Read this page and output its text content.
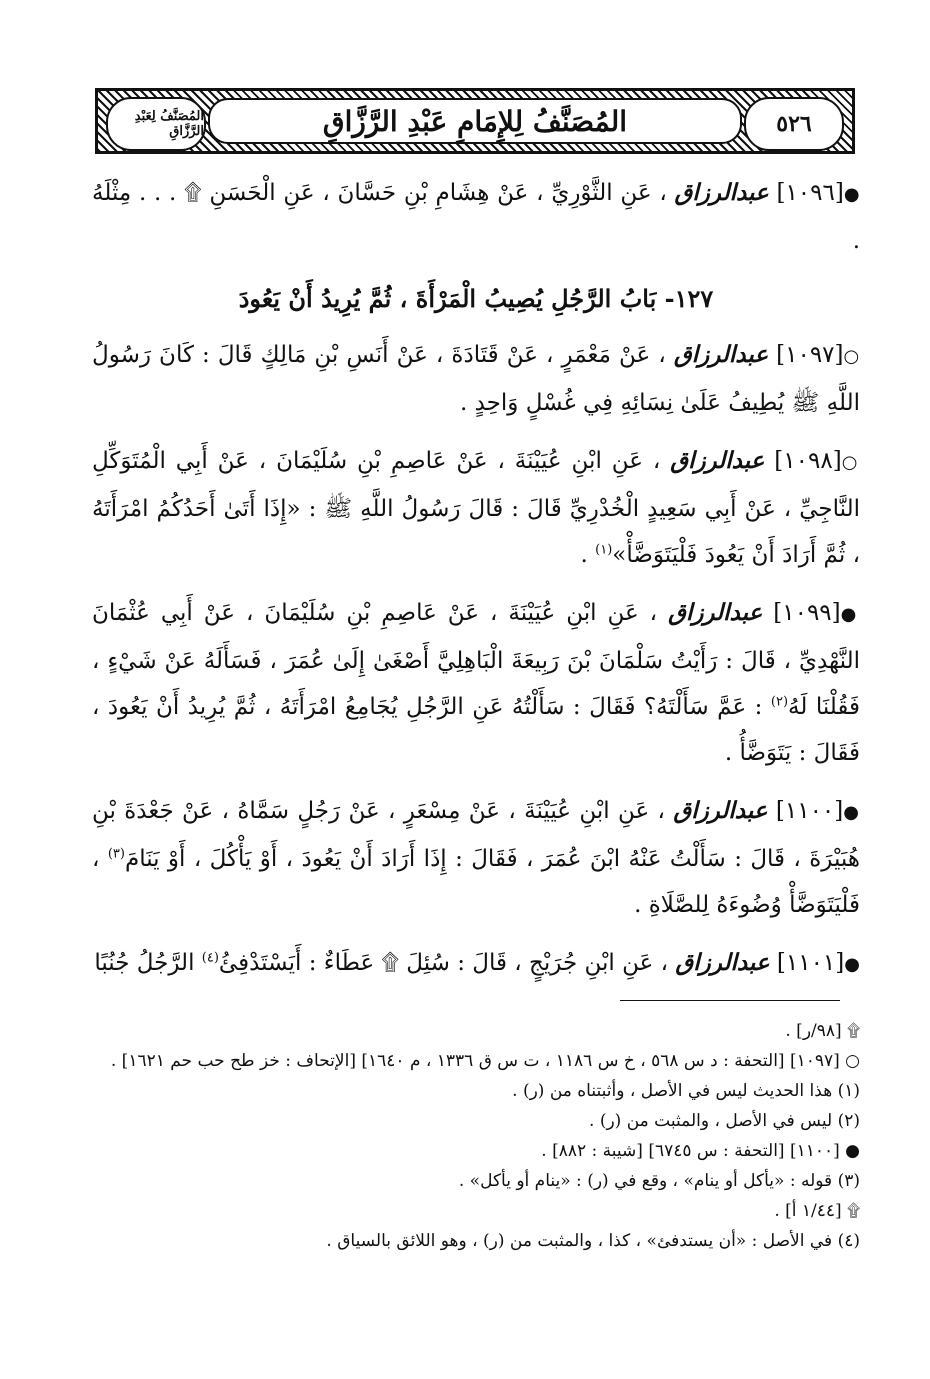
المُصَنَّفُ لِعَبْدِ الرَّزَّاقِ	المُصَنَّفُ لِلإِمَامِ عَبْدِ الرَّزَّاقِ	٥٢٦

●[١٠٩٦] عبدالرزاق ، عَنِ الثَّوْرِيِّ ، عَنْ هِشَامِ بْنِ حَسَّانَ ، عَنِ الْحَسَنِ ۩ . . . مِثْلَهُ .

١٢٧- بَابُ الرَّجُلِ يُصِيبُ الْمَرْأَةَ ، ثُمَّ يُرِيدُ أَنْ يَعُودَ

○[١٠٩٧] عبدالرزاق ، عَنْ مَعْمَرٍ ، عَنْ قَتَادَةَ ، عَنْ أَنَسِ بْنِ مَالِكٍ قَالَ : كَانَ رَسُولُ اللَّهِ ﷺ يُطِيفُ عَلَىٰ نِسَائِهِ فِي غُسْلٍ وَاحِدٍ .

○[١٠٩٨] عبدالرزاق ، عَنِ ابْنِ عُيَيْنَةَ ، عَنْ عَاصِمِ بْنِ سُلَيْمَانَ ، عَنْ أَبِي الْمُتَوَكِّلِ النَّاجِيِّ ، عَنْ أَبِي سَعِيدٍ الْخُدْرِيِّ قَالَ : قَالَ رَسُولُ اللَّهِ ﷺ : «إِذَا أَتَىٰ أَحَدُكُمُ امْرَأَتَهُ ، ثُمَّ أَرَادَ أَنْ يَعُودَ فَلْيَتَوَضَّأْ»$^{(١)}$ .

●[١٠٩٩] عبدالرزاق ، عَنِ ابْنِ عُيَيْنَةَ ، عَنْ عَاصِمِ بْنِ سُلَيْمَانَ ، عَنْ أَبِي عُثْمَانَ النَّهْدِيِّ ، قَالَ : رَأَيْتُ سَلْمَانَ بْنَ رَبِيعَةَ الْبَاهِلِيَّ أَصْغَىٰ إِلَىٰ عُمَرَ ، فَسَأَلَهُ عَنْ شَيْءٍ ، فَقُلْنَا لَهُ$^{(٢)}$ : عَمَّ سَأَلْتَهُ؟ فَقَالَ : سَأَلْتُهُ عَنِ الرَّجُلِ يُجَامِعُ امْرَأَتَهُ ، ثُمَّ يُرِيدُ أَنْ يَعُودَ ، فَقَالَ : يَتَوَضَّأُ .

●[١١٠٠] عبدالرزاق ، عَنِ ابْنِ عُيَيْنَةَ ، عَنْ مِسْعَرٍ ، عَنْ رَجُلٍ سَمَّاهُ ، عَنْ جَعْدَةَ بْنِ هُبَيْرَةَ ، قَالَ : سَأَلْتُ عَنْهُ ابْنَ عُمَرَ ، فَقَالَ : إِذَا أَرَادَ أَنْ يَعُودَ ، أَوْ يَأْكُلَ ، أَوْ يَنَامَ$^{(٣)}$ ، فَلْيَتَوَضَّأْ وُضُوءَهُ لِلصَّلَاةِ .

●[١١٠١] عبدالرزاق ، عَنِ ابْنِ جُرَيْجٍ ، قَالَ : سُئِلَ ۩ عَطَاءٌ : أَيَسْتَدْفِئُ$^{(٤)}$ الرَّجُلُ جُنُبًا

۩ [٩٨/ر] .

○ [١٠٩٧] [التحفة : د س ٥٦٨ ، خ س ١١٨٦ ، ت س ق ١٣٣٦ ، م ١٦٤٠] [الإتحاف : خز طح حب حم ١٦٢١] .

(١) هذا الحديث ليس في الأصل ، وأثبتناه من (ر) .

(٢) ليس في الأصل ، والمثبت من (ر) .

● [١١٠٠] [التحفة : س ٦٧٤٥] [شيبة : ٨٨٢] .

(٣) قوله : «يأكل أو ينام» ، وقع في (ر) : «ينام أو يأكل» .

۩ [١/٤٤ أ] .

(٤) في الأصل : «أن يستدفئ» ، كذا ، والمثبت من (ر) ، وهو اللائق بالسياق .
